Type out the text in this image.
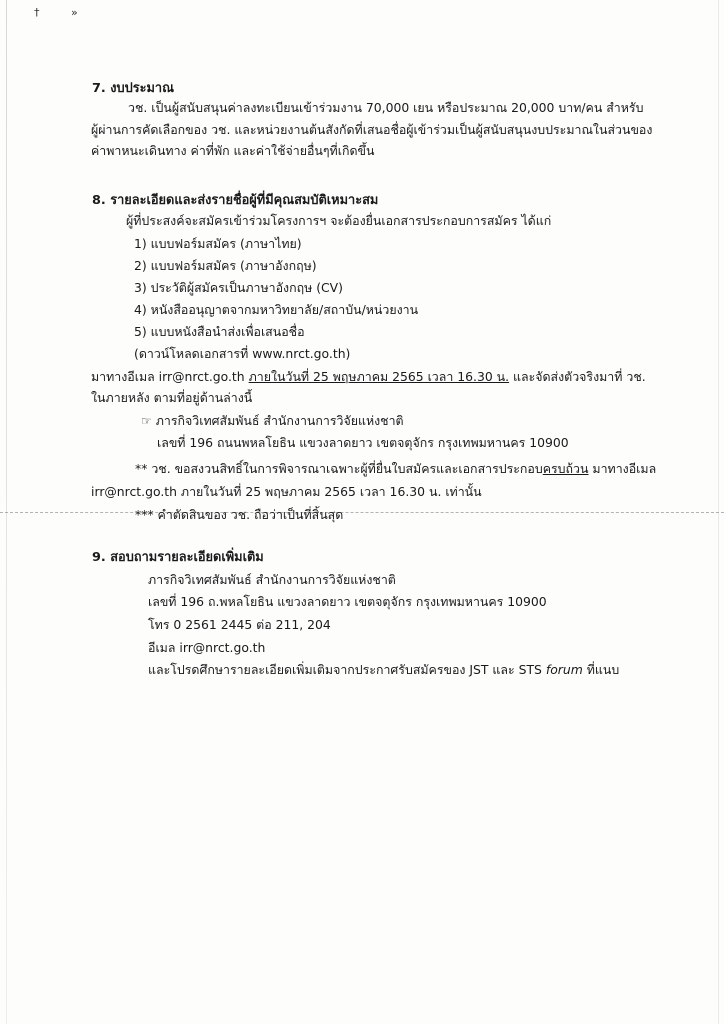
† »
7. งบประมาณ
วช. เป็นผู้สนับสนุนค่าลงทะเบียนเข้าร่วมงาน 70,000 เยน หรือประมาณ 20,000 บาท/คน สำหรับ
ผู้ผ่านการคัดเลือกของ วช. และหน่วยงานต้นสังกัดที่เสนอชื่อผู้เข้าร่วมเป็นผู้สนับสนุนงบประมาณในส่วนของ
ค่าพาหนะเดินทาง ค่าที่พัก และค่าใช้จ่ายอื่นๆที่เกิดขึ้น
8. รายละเอียดและส่งรายชื่อผู้ที่มีคุณสมบัติเหมาะสม
ผู้ที่ประสงค์จะสมัครเข้าร่วมโครงการฯ จะต้องยื่นเอกสารประกอบการสมัคร ได้แก่
1) แบบฟอร์มสมัคร (ภาษาไทย)
2) แบบฟอร์มสมัคร (ภาษาอังกฤษ)
3) ประวัติผู้สมัครเป็นภาษาอังกฤษ (CV)
4) หนังสืออนุญาตจากมหาวิทยาลัย/สถาบัน/หน่วยงาน
5) แบบหนังสือนำส่งเพื่อเสนอชื่อ
(ดาวน์โหลดเอกสารที่ www.nrct.go.th)
มาทางอีเมล irr@nrct.go.th ภายในวันที่ 25 พฤษภาคม 2565 เวลา 16.30 น. และจัดส่งตัวจริงมาที่ วช.
ในภายหลัง ตามที่อยู่ด้านล่างนี้
☞ ภารกิจวิเทศสัมพันธ์ สำนักงานการวิจัยแห่งชาติ
เลขที่ 196 ถนนพหลโยธิน แขวงลาดยาว เขตจตุจักร กรุงเทพมหานคร 10900
** วช. ขอสงวนสิทธิ์ในการพิจารณาเฉพาะผู้ที่ยื่นใบสมัครและเอกสารประกอบครบถ้วน มาทางอีเมล
irr@nrct.go.th ภายในวันที่ 25 พฤษภาคม 2565 เวลา 16.30 น. เท่านั้น
*** คำตัดสินของ วช. ถือว่าเป็นที่สิ้นสุด
9. สอบถามรายละเอียดเพิ่มเติม
ภารกิจวิเทศสัมพันธ์ สำนักงานการวิจัยแห่งชาติ
เลขที่ 196 ถ.พหลโยธิน แขวงลาดยาว เขตจตุจักร กรุงเทพมหานคร 10900
โทร 0 2561 2445 ต่อ 211, 204
อีเมล irr@nrct.go.th
และโปรดศึกษารายละเอียดเพิ่มเติมจากประกาศรับสมัครของ JST และ STS forum ที่แนบ
